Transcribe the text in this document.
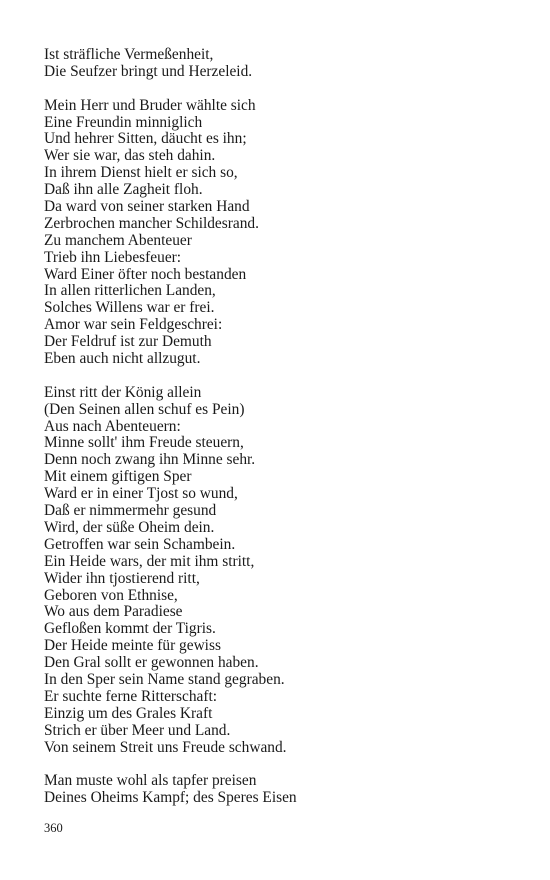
Ist sträfliche Vermeßenheit,
Die Seufzer bringt und Herzeleid.
Mein Herr und Bruder wählte sich
Eine Freundin minniglich
Und hehrer Sitten, däucht es ihn;
Wer sie war, das steh dahin.
In ihrem Dienst hielt er sich so,
Daß ihn alle Zagheit floh.
Da ward von seiner starken Hand
Zerbrochen mancher Schildesrand.
Zu manchem Abenteuer
Trieb ihn Liebesfeuer:
Ward Einer öfter noch bestanden
In allen ritterlichen Landen,
Solches Willens war er frei.
Amor war sein Feldgeschrei:
Der Feldruf ist zur Demuth
Eben auch nicht allzugut.
Einst ritt der König allein
(Den Seinen allen schuf es Pein)
Aus nach Abenteuern:
Minne sollt' ihm Freude steuern,
Denn noch zwang ihn Minne sehr.
Mit einem giftigen Sper
Ward er in einer Tjost so wund,
Daß er nimmermehr gesund
Wird, der süße Oheim dein.
Getroffen war sein Schambein.
Ein Heide wars, der mit ihm stritt,
Wider ihn tjostierend ritt,
Geboren von Ethnise,
Wo aus dem Paradiese
Gefloßen kommt der Tigris.
Der Heide meinte für gewiss
Den Gral sollt er gewonnen haben.
In den Sper sein Name stand gegraben.
Er suchte ferne Ritterschaft:
Einzig um des Grales Kraft
Strich er über Meer und Land.
Von seinem Streit uns Freude schwand.
Man muste wohl als tapfer preisen
Deines Oheims Kampf; des Speres Eisen
360
